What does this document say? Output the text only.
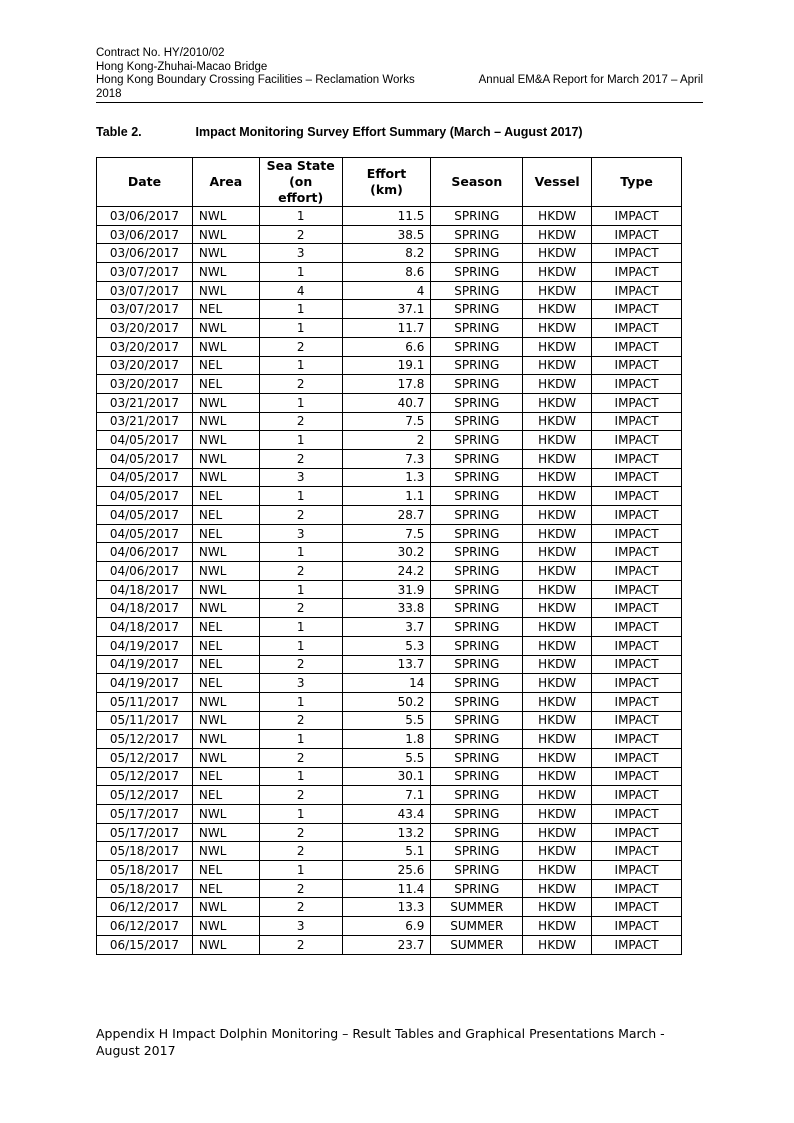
Contract No. HY/2010/02
Hong Kong-Zhuhai-Macao Bridge
Hong Kong Boundary Crossing Facilities – Reclamation Works	Annual EM&A Report for March 2017 – April
2018
Table 2.	Impact Monitoring Survey Effort Summary (March – August 2017)
Date	Area	Sea State (on effort)	Effort (km)	Season	Vessel	Type
03/06/2017	NWL	1	11.5	SPRING	HKDW	IMPACT
03/06/2017	NWL	2	38.5	SPRING	HKDW	IMPACT
03/06/2017	NWL	3	8.2	SPRING	HKDW	IMPACT
03/07/2017	NWL	1	8.6	SPRING	HKDW	IMPACT
03/07/2017	NWL	4	4	SPRING	HKDW	IMPACT
03/07/2017	NEL	1	37.1	SPRING	HKDW	IMPACT
03/20/2017	NWL	1	11.7	SPRING	HKDW	IMPACT
03/20/2017	NWL	2	6.6	SPRING	HKDW	IMPACT
03/20/2017	NEL	1	19.1	SPRING	HKDW	IMPACT
03/20/2017	NEL	2	17.8	SPRING	HKDW	IMPACT
03/21/2017	NWL	1	40.7	SPRING	HKDW	IMPACT
03/21/2017	NWL	2	7.5	SPRING	HKDW	IMPACT
04/05/2017	NWL	1	2	SPRING	HKDW	IMPACT
04/05/2017	NWL	2	7.3	SPRING	HKDW	IMPACT
04/05/2017	NWL	3	1.3	SPRING	HKDW	IMPACT
04/05/2017	NEL	1	1.1	SPRING	HKDW	IMPACT
04/05/2017	NEL	2	28.7	SPRING	HKDW	IMPACT
04/05/2017	NEL	3	7.5	SPRING	HKDW	IMPACT
04/06/2017	NWL	1	30.2	SPRING	HKDW	IMPACT
04/06/2017	NWL	2	24.2	SPRING	HKDW	IMPACT
04/18/2017	NWL	1	31.9	SPRING	HKDW	IMPACT
04/18/2017	NWL	2	33.8	SPRING	HKDW	IMPACT
04/18/2017	NEL	1	3.7	SPRING	HKDW	IMPACT
04/19/2017	NEL	1	5.3	SPRING	HKDW	IMPACT
04/19/2017	NEL	2	13.7	SPRING	HKDW	IMPACT
04/19/2017	NEL	3	14	SPRING	HKDW	IMPACT
05/11/2017	NWL	1	50.2	SPRING	HKDW	IMPACT
05/11/2017	NWL	2	5.5	SPRING	HKDW	IMPACT
05/12/2017	NWL	1	1.8	SPRING	HKDW	IMPACT
05/12/2017	NWL	2	5.5	SPRING	HKDW	IMPACT
05/12/2017	NEL	1	30.1	SPRING	HKDW	IMPACT
05/12/2017	NEL	2	7.1	SPRING	HKDW	IMPACT
05/17/2017	NWL	1	43.4	SPRING	HKDW	IMPACT
05/17/2017	NWL	2	13.2	SPRING	HKDW	IMPACT
05/18/2017	NWL	2	5.1	SPRING	HKDW	IMPACT
05/18/2017	NEL	1	25.6	SPRING	HKDW	IMPACT
05/18/2017	NEL	2	11.4	SPRING	HKDW	IMPACT
06/12/2017	NWL	2	13.3	SUMMER	HKDW	IMPACT
06/12/2017	NWL	3	6.9	SUMMER	HKDW	IMPACT
06/15/2017	NWL	2	23.7	SUMMER	HKDW	IMPACT
Appendix H Impact Dolphin Monitoring – Result Tables and Graphical Presentations March - August 2017
